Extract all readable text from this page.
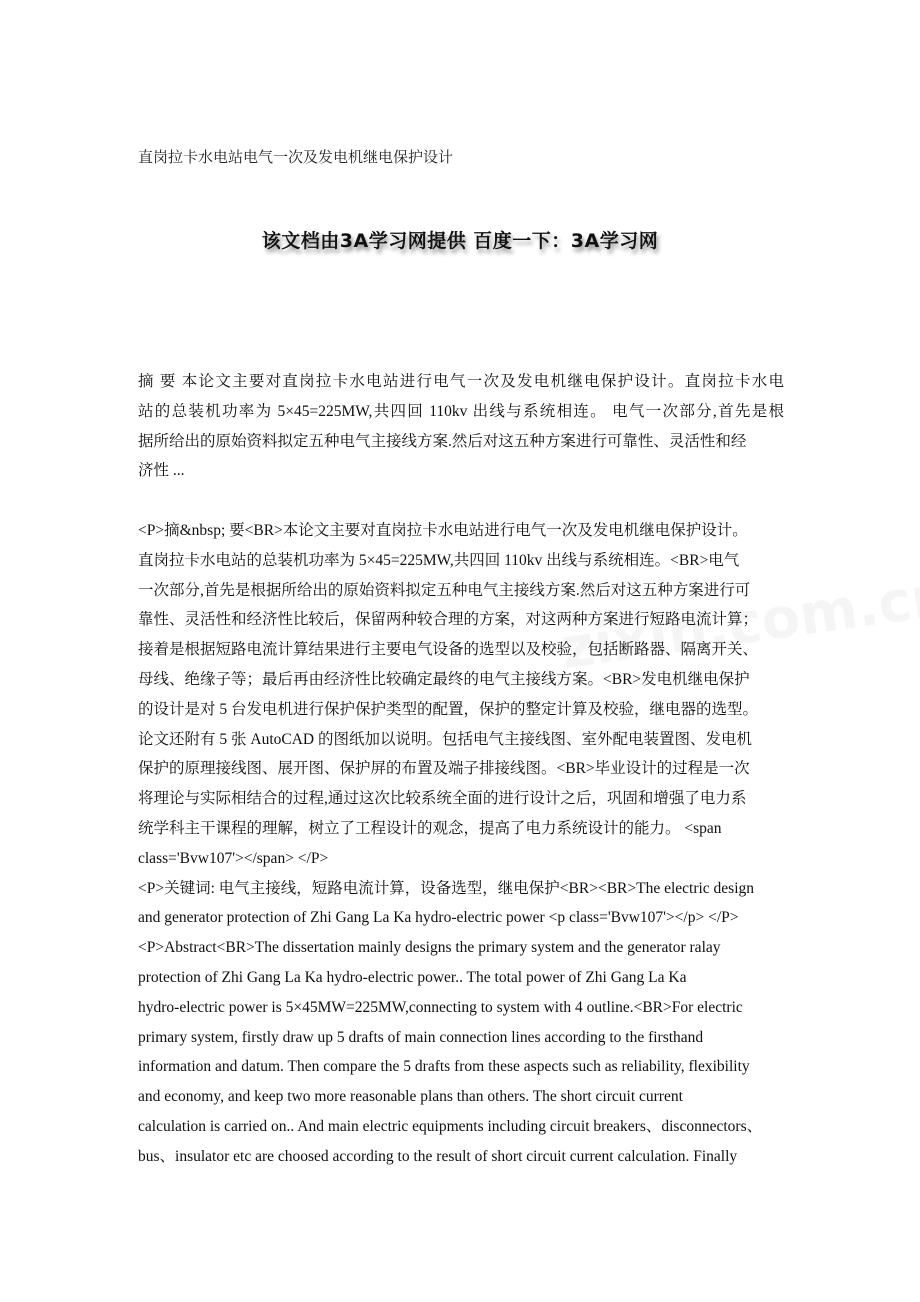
直岗拉卡水电站电气一次及发电机继电保护设计
该文档由3A学习网提供 百度一下：3A学习网
摘 要 本论文主要对直岗拉卡水电站进行电气一次及发电机继电保护设计。直岗拉卡水电
站的总装机功率为 5×45=225MW,共四回 110kv 出线与系统相连。 电气一次部分,首先是根
据所给出的原始资料拟定五种电气主接线方案.然后对这五种方案进行可靠性、灵活性和经
济性 ...
<P>摘&nbsp; 要<BR>本论文主要对直岗拉卡水电站进行电气一次及发电机继电保护设计。
直岗拉卡水电站的总装机功率为 5×45=225MW,共四回 110kv 出线与系统相连。<BR>电气
一次部分,首先是根据所给出的原始资料拟定五种电气主接线方案.然后对这五种方案进行可
靠性、灵活性和经济性比较后，保留两种较合理的方案，对这两种方案进行短路电流计算；
接着是根据短路电流计算结果进行主要电气设备的选型以及校验，包括断路器、隔离开关、
母线、绝缘子等；最后再由经济性比较确定最终的电气主接线方案。<BR>发电机继电保护
的设计是对 5 台发电机进行保护保护类型的配置，保护的整定计算及校验，继电器的选型。
论文还附有 5 张 AutoCAD 的图纸加以说明。包括电气主接线图、室外配电装置图、发电机
保护的原理接线图、展开图、保护屏的布置及端子排接线图。<BR>毕业设计的过程是一次
将理论与实际相结合的过程,通过这次比较系统全面的进行设计之后，巩固和增强了电力系
统学科主干课程的理解，树立了工程设计的观念，提高了电力系统设计的能力。 <span
class='Bvw107'></span> </P>
<P>关键词: 电气主接线，短路电流计算，设备选型，继电保护<BR><BR>The electric design
and generator protection of Zhi Gang La Ka hydro-electric power <p class='Bvw107'></p> </P>
<P>Abstract<BR>The dissertation mainly designs the primary system and the generator ralay
protection of Zhi Gang La Ka hydro-electric power.. The total power of Zhi Gang La Ka
hydro-electric power is 5×45MW=225MW,connecting to system with 4 outline.<BR>For electric
primary system, firstly draw up 5 drafts of main connection lines according to the firsthand
information and datum. Then compare the 5 drafts from these aspects such as reliability, flexibility
and economy, and keep two more reasonable plans than others. The short circuit current
calculation is carried on.. And main electric equipments including circuit breakers、disconnectors、
bus、insulator etc are choosed according to the result of short circuit current calculation. Finally
